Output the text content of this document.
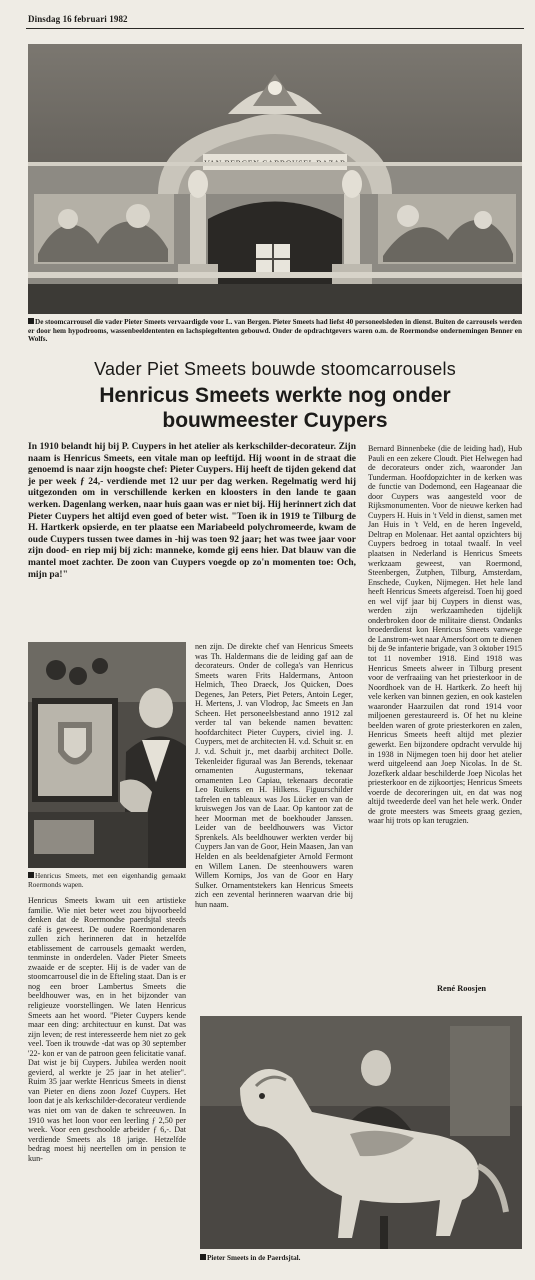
Dinsdag 16 februari 1982
De stoomcarrousel die vader Pieter Smeets vervaardigde voor L. van Bergen. Pieter Smeets had liefst 40 personeelsleden in dienst. Buiten de carrousels werden er door hem hypodrooms, wassenbeeldententen en lachspiegeltenten gebouwd. Onder de opdrachtgevers waren o.m. de Roermondse ondernemingen Benner en Wolfs.
Vader Piet Smeets bouwde stoomcarrousels
Henricus Smeets werkte nog onder
bouwmeester Cuypers
In 1910 belandt hij bij P. Cuypers in het atelier als kerkschilder-decorateur. Zijn naam is Henricus Smeets, een vitale man op leeftijd. Hij woont in de straat die genoemd is naar zijn hoogste chef: Pieter Cuypers. Hij heeft de tijden gekend dat je per week ƒ 24,- verdiende met 12 uur per dag werken. Regelmatig werd hij uitgezonden om in verschillende kerken en kloosters in den lande te gaan werken. Dagenlang werken, naar huis gaan was er niet bij. Hij herinnert zich dat Pieter Cuypers het altijd even goed of beter wist. "Toen ik in 1919 te Tilburg de H. Hartkerk opsierde, en ter plaatse een Mariabeeld polychromeerde, kwam de oude Cuypers tussen twee dames in -hij was toen 92 jaar; het was twee jaar voor zijn dood- en riep mij bij zich: manneke, komde gij eens hier. Dat blauw van die mantel moet zachter. De zoon van Cuypers voegde op zo'n momenten toe: Och, mijn pa!"
Henricus Smeets, met een eigenhandig gemaakt Roermonds wapen.

Henricus Smeets kwam uit een artistieke familie. Wie niet beter weet zou bijvoorbeeld denken dat de Roermondse paerdsjtal steeds café is geweest. De oudere Roermondenaren zullen zich herinneren dat in hetzelfde etablissement de carrousels gemaakt werden, tenminste in onderdelen. Vader Pieter Smeets zwaaide er de scepter. Hij is de vader van de stoomcarrousel die in de Efteling staat. Dan is er nog een broer Lambertus Smeets die beeldhouwer was, en in het bijzonder van religieuze voorstellingen. We laten Henricus Smeets aan het woord. "Pieter Cuypers kende maar een ding: architectuur en kunst. Dat was zijn leven; de rest interesseerde hem niet zo gek veel. Toen ik trouwde -dat was op 30 september '22- kon er van de patroon geen felicitatie vanaf. Dat wist je bij Cuypers. Jubilea werden nooit gevierd, al werkte je 25 jaar in het atelier". Ruim 35 jaar werkte Henricus Smeets in dienst van Pieter en diens zoon Jozef Cuypers. Het loon dat je als kerkschilder-decorateur verdiende was niet om van de daken te schreeuwen. In 1910 was het loon voor een leerling ƒ 2,50 per week. Voor een geschoolde arbeider ƒ 6,-. Dat verdiende Smeets als 18 jarige. Hetzelfde bedrag moest hij neertellen om in pension te kun-

nen zijn. De direkte chef van Henricus Smeets was Th. Haldermans die de leiding gaf aan de decorateurs. Onder de collega's van Henricus Smeets waren Frits Haldermans, Antoon Helmich, Theo Draeck, Jos Quicken, Does Degenes, Jan Peters, Piet Peters, Antoin Leger, H. Mertens, J. van Vlodrop, Jac Smeets en Jan Scheen. Het personeelsbestand anno 1912 zal verder tal van bekende namen bevatten: hoofdarchitect Pieter Cuypers, civiel ing. J. Cuypers, met de architecten H. v.d. Schuit sr. en J. v.d. Schuit jr., met daarbij architect Dolle. Tekenleider figuraal was Jan Berends, tekenaar ornamenten Augustermans, tekenaar ornamenten Leo Capiau, tekenaars decoratie Leo Ruikens en H. Hilkens. Figuurschilder tafrelen en tableaux was Jos Lücker en van de kruiswegen Jos van de Laar. Op kantoor zat de heer Moorman met de boekhouder Janssen. Leider van de beeldhouwers was Victor Sprenkels. Als beeldhouwer werkten verder bij Cuypers Jan van de Goor, Hein Maasen, Jan van Helden en als beeldenafgieter Arnold Fermont en Willem Lanen. De steenhouwers waren Willem Kornips, Jos van de Goor en Hary Sulker. Ornamentstekers kan Henricus Smeets zich een zevental herinneren waarvan drie bij hun naam.

Bernard Binnenbeke (die de leiding had), Hub Pauli en een zekere Cloudt. Piet Helwegen had de decorateurs onder zich, waaronder Jan Tunderman. Hoofdopzichter in de kerken was de functie van Dodemond, een Hageanaar die door Cuypers was aangesteld voor de Rijksmonumenten. Voor de nieuwe kerken had Cuypers H. Huis in 't Veld in dienst, samen met Jan Huis in 't Veld, en de heren Ingeveld, Deltrap en Molenaar. Het aantal opzichters bij Cuypers bedroeg in totaal twaalf. In veel plaatsen in Nederland is Henricus Smeets werkzaam geweest, van Roermond, Steenbergen, Zutphen, Tilburg, Amsterdam, Enschede, Cuyken, Nijmegen. Het hele land heeft Henricus Smeets afgereisd. Toen hij goed en wel vijf jaar bij Cuypers in dienst was, werden zijn werkzaamheden tijdelijk onderbroken door de militaire dienst. Ondanks broederdienst kon Henricus Smeets vanwege de Lanstrom-wet naar Amersfoort om te dienen bij de 9e infanterie brigade, van 3 oktober 1915 tot 11 november 1918. Eind 1918 was Henricus Smeets alweer in Tilburg present voor de verfraaiing van het priesterkoor in de Noordhoek van de H. Hartkerk. Zo heeft hij vele kerken van binnen gezien, en ook kastelen waaronder Haarzuilen dat rond 1914 voor miljoenen gerestaureerd is. Of het nu kleine beelden waren of grote priesterkoren en zalen, Henricus Smeets heeft altijd met plezier gewerkt. Een bijzondere opdracht vervulde hij in 1938 in Nijmegen toen hij door het atelier werd uitgeleend aan Joep Nicolas. In de St. Jozefkerk aldaar beschilderde Joep Nicolas het priesterkoor en de zijkoortjes; Henricus Smeets voerde de decoreringen uit, en dat was nog altijd tweederde deel van het hele werk. Onder de grote meesters was Smeets graag gezien, waar hij trots op kan terugzien.

René Roosjen
Pieter Smeets in de Paerdsjtal.
